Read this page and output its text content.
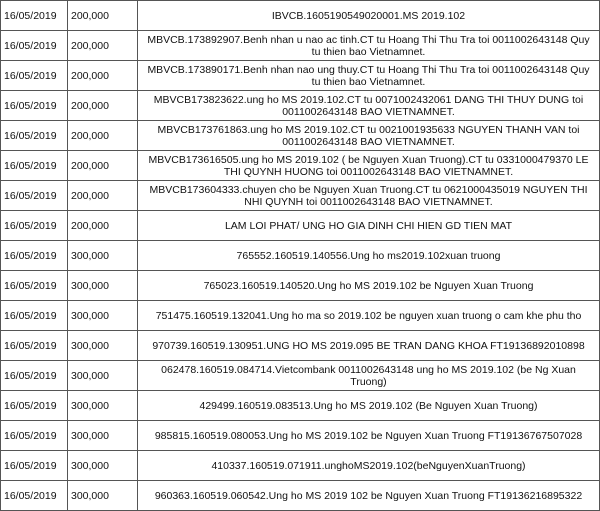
16/05/2019	200,000	IBVCB.1605190549020001.MS 2019.102
16/05/2019	200,000	MBVCB.173892907.Benh nhan u nao ac tinh.CT tu Hoang Thi Thu Tra toi 0011002643148 Quy tu thien bao Vietnamnet.
16/05/2019	200,000	MBVCB.173890171.Benh nhan nao ung thuy.CT tu Hoang Thi Thu Tra toi 0011002643148 Quy tu thien bao Vietnamnet.
16/05/2019	200,000	MBVCB173823622.ung ho MS 2019.102.CT tu 0071002432061 DANG THI THUY DUNG toi 0011002643148 BAO VIETNAMNET.
16/05/2019	200,000	MBVCB173761863.ung ho MS 2019.102.CT tu 0021001935633 NGUYEN THANH VAN toi 0011002643148 BAO VIETNAMNET.
16/05/2019	200,000	MBVCB173616505.ung ho MS 2019.102 ( be Nguyen Xuan Truong).CT tu 0331000479370 LE THI QUYNH HUONG toi 0011002643148 BAO VIETNAMNET.
16/05/2019	200,000	MBVCB173604333.chuyen cho be Nguyen Xuan Truong.CT tu 0621000435019 NGUYEN THI NHI QUYNH toi 0011002643148 BAO VIETNAMNET.
16/05/2019	200,000	LAM LOI PHAT/ UNG HO GIA DINH CHI HIEN GD TIEN MAT
16/05/2019	300,000	765552.160519.140556.Ung ho ms2019.102xuan truong
16/05/2019	300,000	765023.160519.140520.Ung ho MS 2019.102 be Nguyen Xuan Truong
16/05/2019	300,000	751475.160519.132041.Ung ho ma so 2019.102 be nguyen xuan truong o cam khe phu tho
16/05/2019	300,000	970739.160519.130951.UNG HO MS 2019.095 BE TRAN DANG KHOA FT19136892010898
16/05/2019	300,000	062478.160519.084714.Vietcombank 0011002643148 ung ho MS 2019.102 (be Ng Xuan Truong)
16/05/2019	300,000	429499.160519.083513.Ung ho MS 2019.102 (Be Nguyen Xuan Truong)
16/05/2019	300,000	985815.160519.080053.Ung ho MS 2019.102 be Nguyen Xuan Truong FT19136767507028
16/05/2019	300,000	410337.160519.071911.unghoMS2019.102(beNguyenXuanTruong)
16/05/2019	300,000	960363.160519.060542.Ung ho MS 2019 102 be Nguyen Xuan Truong FT19136216895322
